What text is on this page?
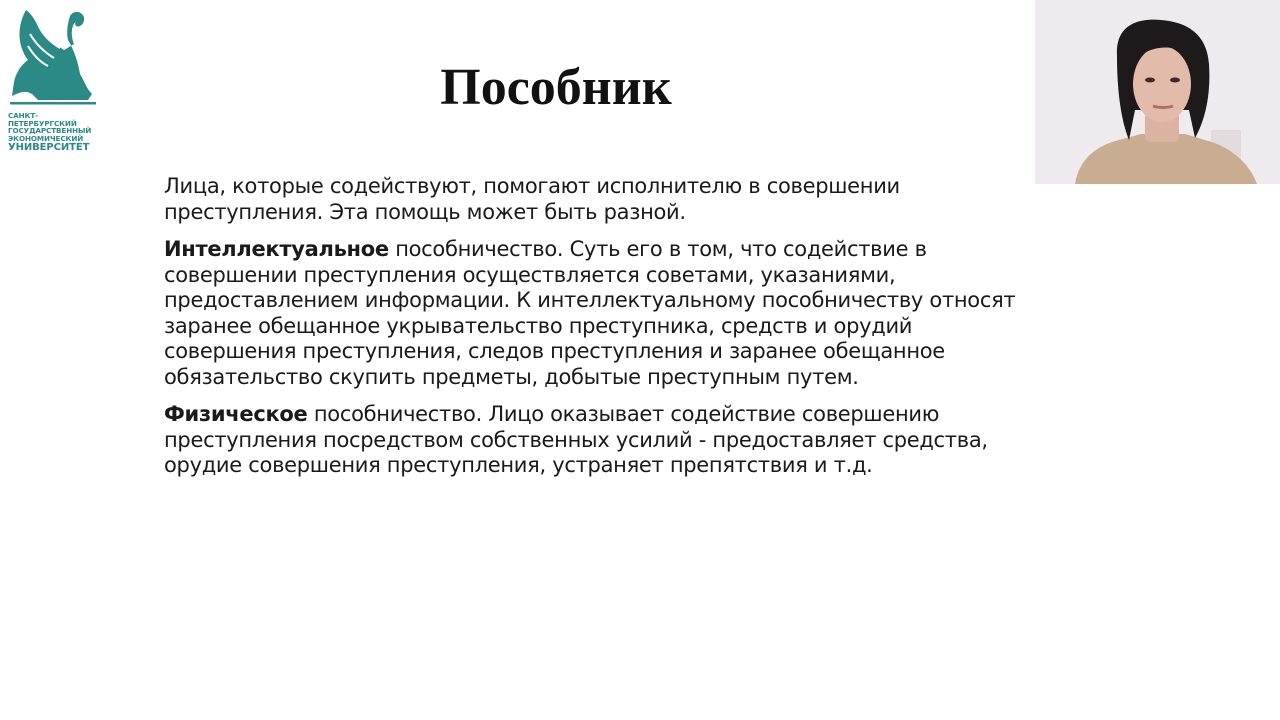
САНКТ-ПЕТЕРБУРГСКИЙ
ГОСУДАРСТВЕННЫЙ
ЭКОНОМИЧЕСКИЙ
УНИВЕРСИТЕТ
Пособник

Лица, которые содействуют, помогают исполнителю в совершении преступления. Эта помощь может быть разной.

Интеллектуальное пособничество. Суть его в том, что содействие в совершении преступления осуществляется советами, указаниями, предоставлением информации. К интеллектуальному пособничеству относят заранее обещанное укрывательство преступника, средств и орудий совершения преступления, следов преступления и заранее обещанное обязательство скупить предметы, добытые преступным путем.

Физическое пособничество. Лицо оказывает содействие совершению преступления посредством собственных усилий - предоставляет средства, орудие совершения преступления, устраняет препятствия и т.д.
